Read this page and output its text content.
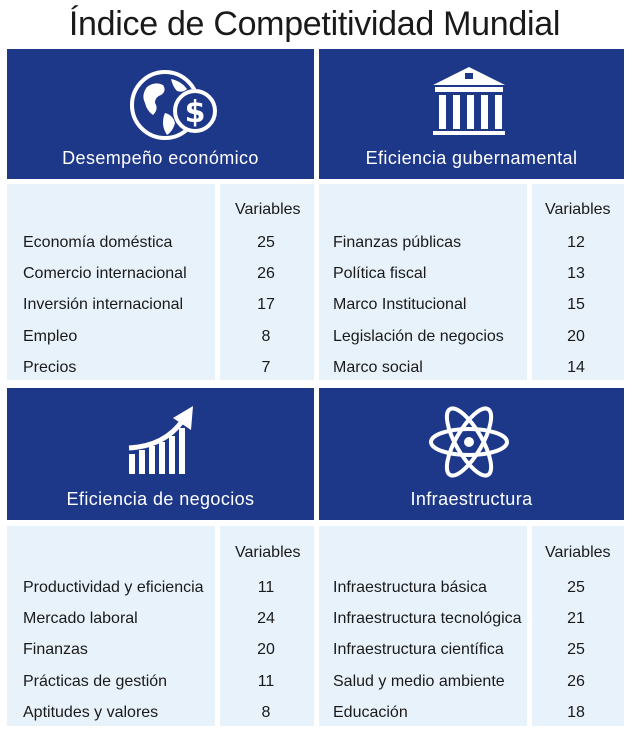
Índice de Competitividad Mundial
$
Desempeño económico
Variables
Economía doméstica	25
Comercio internacional	26
Inversión internacional	17
Empleo	8
Precios	7
Eficiencia gubernamental
Variables
Finanzas públicas	12
Política fiscal	13
Marco Institucional	15
Legislación de negocios	20
Marco social	14
Eficiencia de negocios
Variables
Productividad y eficiencia	11
Mercado laboral	24
Finanzas	20
Prácticas de gestión	11
Aptitudes y valores	8
Infraestructura
Variables
Infraestructura básica	25
Infraestructura tecnológica	21
Infraestructura científica	25
Salud y medio ambiente	26
Educación	18
